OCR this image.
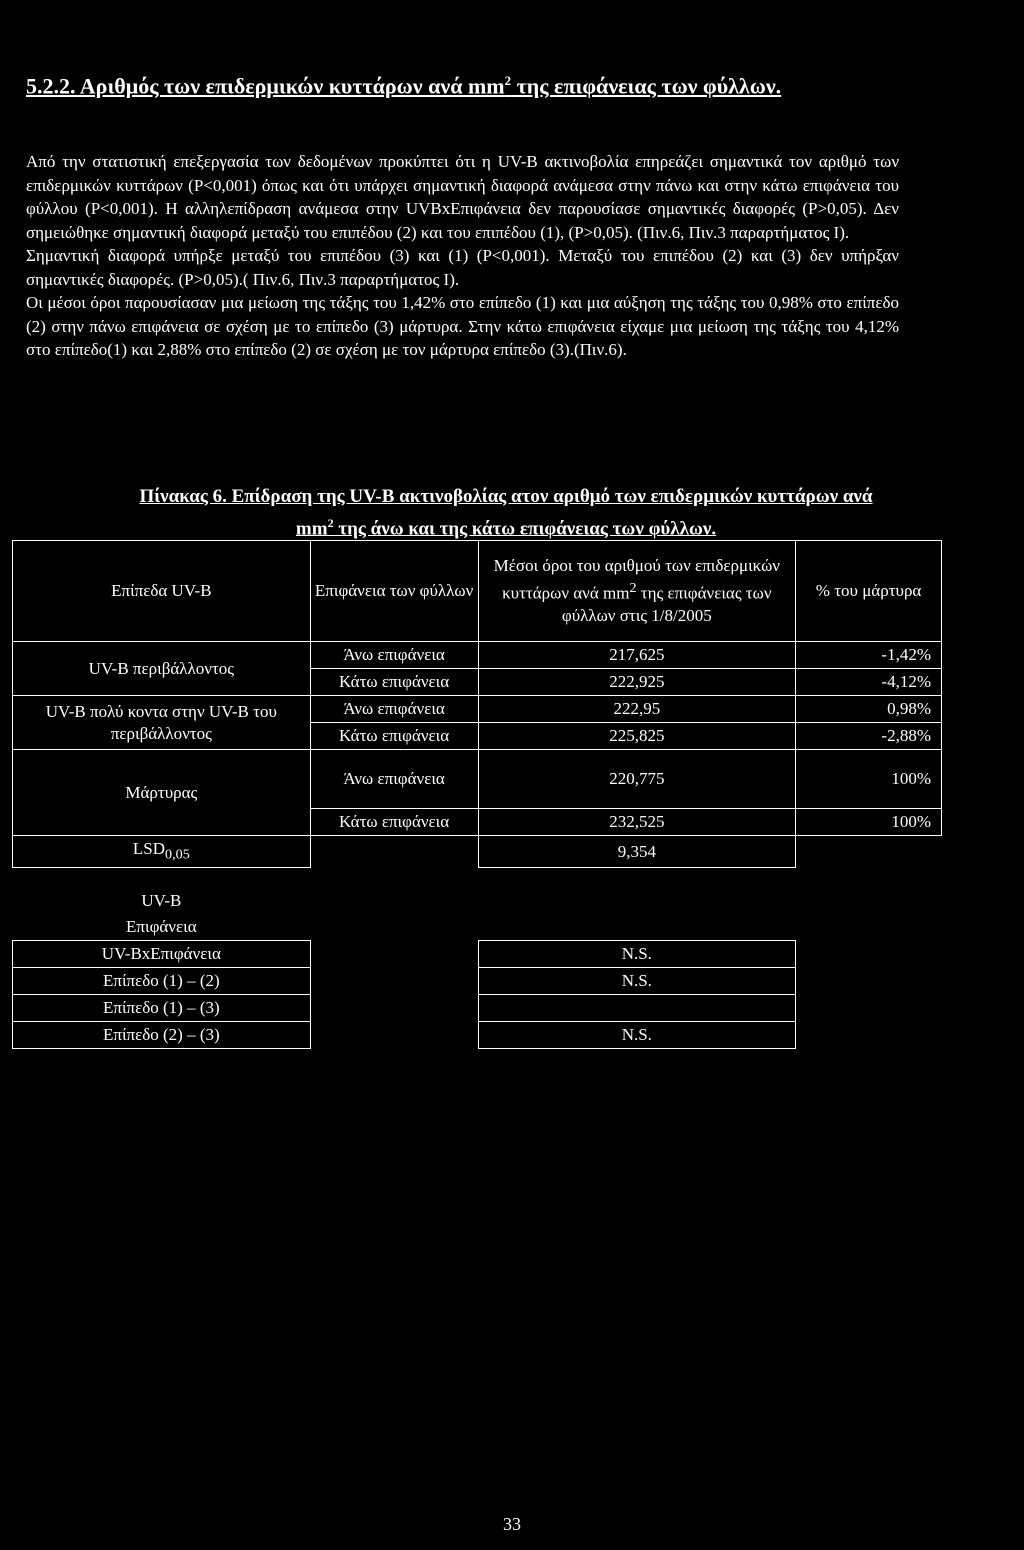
5.2.2. Αριθμός των επιδερμικών κυττάρων ανά $mm^2$ της επιφάνειας των φύλλων.

Από την στατιστική επεξεργασία των δεδομένων προκύπτει ότι η UV-B ακτινοβολία επηρεάζει σημαντικά τον αριθμό των επιδερμικών κυττάρων (P<0,001) όπως και ότι υπάρχει σημαντική διαφορά ανάμεσα στην πάνω και στην κάτω επιφάνεια του φύλλου (P<0,001). Η αλληλεπίδραση ανάμεσα στην UVBxΕπιφάνεια δεν παρουσίασε σημαντικές διαφορές (P>0,05). Δεν σημειώθηκε σημαντική διαφορά μεταξύ του επιπέδου (2) και του επιπέδου (1), (P>0,05). (Πιν.6, Πιν.3 παραρτήματος Ι).

Σημαντική διαφορά υπήρξε μεταξύ του επιπέδου (3) και (1) (P<0,001). Μεταξύ του επιπέδου (2) και (3) δεν υπήρξαν σημαντικές διαφορές. (P>0,05).( Πιν.6, Πιν.3 παραρτήματος Ι).

Οι μέσοι όροι παρουσίασαν μια μείωση της τάξης του 1,42% στο επίπεδο (1) και μια αύξηση της τάξης του 0,98% στο επίπεδο (2) στην πάνω επιφάνεια σε σχέση με το επίπεδο (3) μάρτυρα. Στην κάτω επιφάνεια είχαμε μια μείωση της τάξης του 4,12% στο επίπεδο(1) και 2,88% στο επίπεδο (2) σε σχέση με τον μάρτυρα επίπεδο (3).(Πιν.6).

Πίνακας 6. Επίδραση της UV-B ακτινοβολίας ατον αριθμό των επιδερμικών κυττάρων ανά
$mm^2$ της άνω και της κάτω επιφάνειας των φύλλων.
Επίπεδα UV-B	Επιφάνεια των φύλλων	Μέσοι όροι του αριθμού των επιδερμικών κυττάρων ανά $mm^2$ της επιφάνειας των φύλλων στις 1/8/2005	% του μάρτυρα
UV-B περιβάλλοντος	Άνω επιφάνεια	217,625	-1,42%
	Κάτω επιφάνεια	222,925	-4,12%
UV-B πολύ κοντα στην UV-B του περιβάλλοντος	Άνω επιφάνεια	222,95	0,98%
	Κάτω επιφάνεια	225,825	-2,88%
Μάρτυρας	Άνω επιφάνεια	220,775	100%
	Κάτω επιφάνεια	232,525	100%
$LSD_{0,05}$		9,354	
UV-B			
Επιφάνεια			
UV-BxΕπιφάνεια		N.S.	
Επίπεδο (1) – (2)		N.S.	
Επίπεδο (1) – (3)			
Επίπεδο (2) – (3)		N.S.	
33
